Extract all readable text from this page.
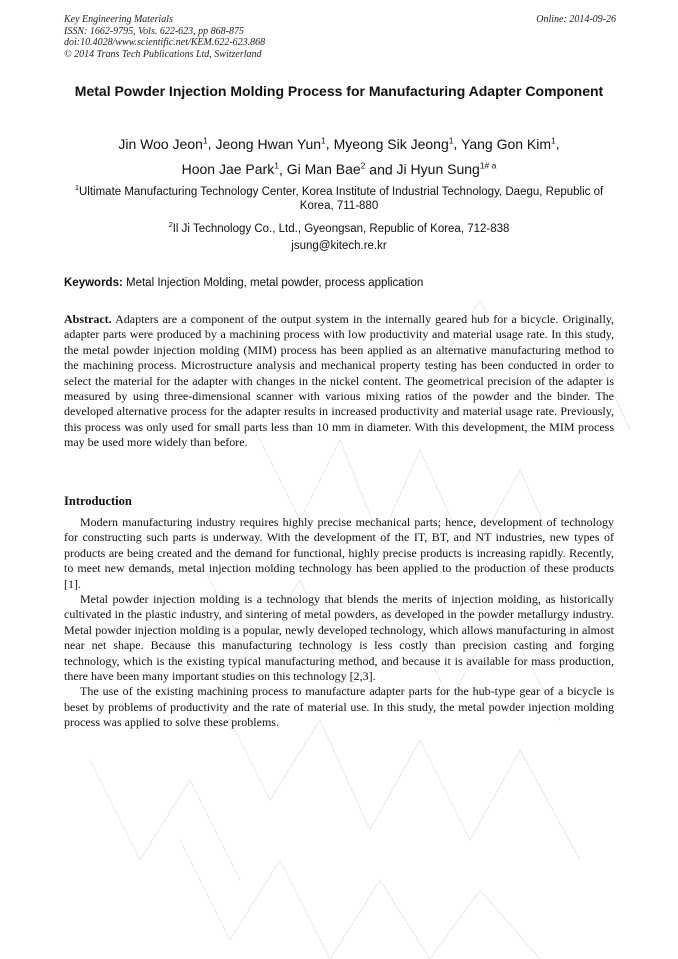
Key Engineering Materials
ISSN: 1662-9795, Vols. 622-623, pp 868-875
doi:10.4028/www.scientific.net/KEM.622-623.868
© 2014 Trans Tech Publications Ltd, Switzerland
Online: 2014-09-26
Metal Powder Injection Molding Process for Manufacturing Adapter Component
Jin Woo Jeon$^1$, Jeong Hwan Yun$^1$, Myeong Sik Jeong$^1$, Yang Gon Kim$^1$,
Hoon Jae Park$^1$, Gi Man Bae$^2$ and Ji Hyun Sung$^{1\# a}$
$^1$Ultimate Manufacturing Technology Center, Korea Institute of Industrial Technology, Daegu, Republic of Korea, 711-880
$^2$Il Ji Technology Co., Ltd., Gyeongsan, Republic of Korea, 712-838
jsung@kitech.re.kr
Keywords: Metal Injection Molding, metal powder, process application
Abstract. Adapters are a component of the output system in the internally geared hub for a bicycle. Originally, adapter parts were produced by a machining process with low productivity and material usage rate. In this study, the metal powder injection molding (MIM) process has been applied as an alternative manufacturing method to the machining process. Microstructure analysis and mechanical property testing has been conducted in order to select the material for the adapter with changes in the nickel content. The geometrical precision of the adapter is measured by using three-dimensional scanner with various mixing ratios of the powder and the binder. The developed alternative process for the adapter results in increased productivity and material usage rate. Previously, this process was only used for small parts less than 10 mm in diameter. With this development, the MIM process may be used more widely than before.
Introduction

Modern manufacturing industry requires highly precise mechanical parts; hence, development of technology for constructing such parts is underway. With the development of the IT, BT, and NT industries, new types of products are being created and the demand for functional, highly precise products is increasing rapidly. Recently, to meet new demands, metal injection molding technology has been applied to the production of these products [1].

Metal powder injection molding is a technology that blends the merits of injection molding, as historically cultivated in the plastic industry, and sintering of metal powders, as developed in the powder metallurgy industry. Metal powder injection molding is a popular, newly developed technology, which allows manufacturing in almost near net shape. Because this manufacturing technology is less costly than precision casting and forging technology, which is the existing typical manufacturing method, and because it is available for mass production, there have been many important studies on this technology [2,3].

The use of the existing machining process to manufacture adapter parts for the hub-type gear of a bicycle is beset by problems of productivity and the rate of material use. In this study, the metal powder injection molding process was applied to solve these problems.
